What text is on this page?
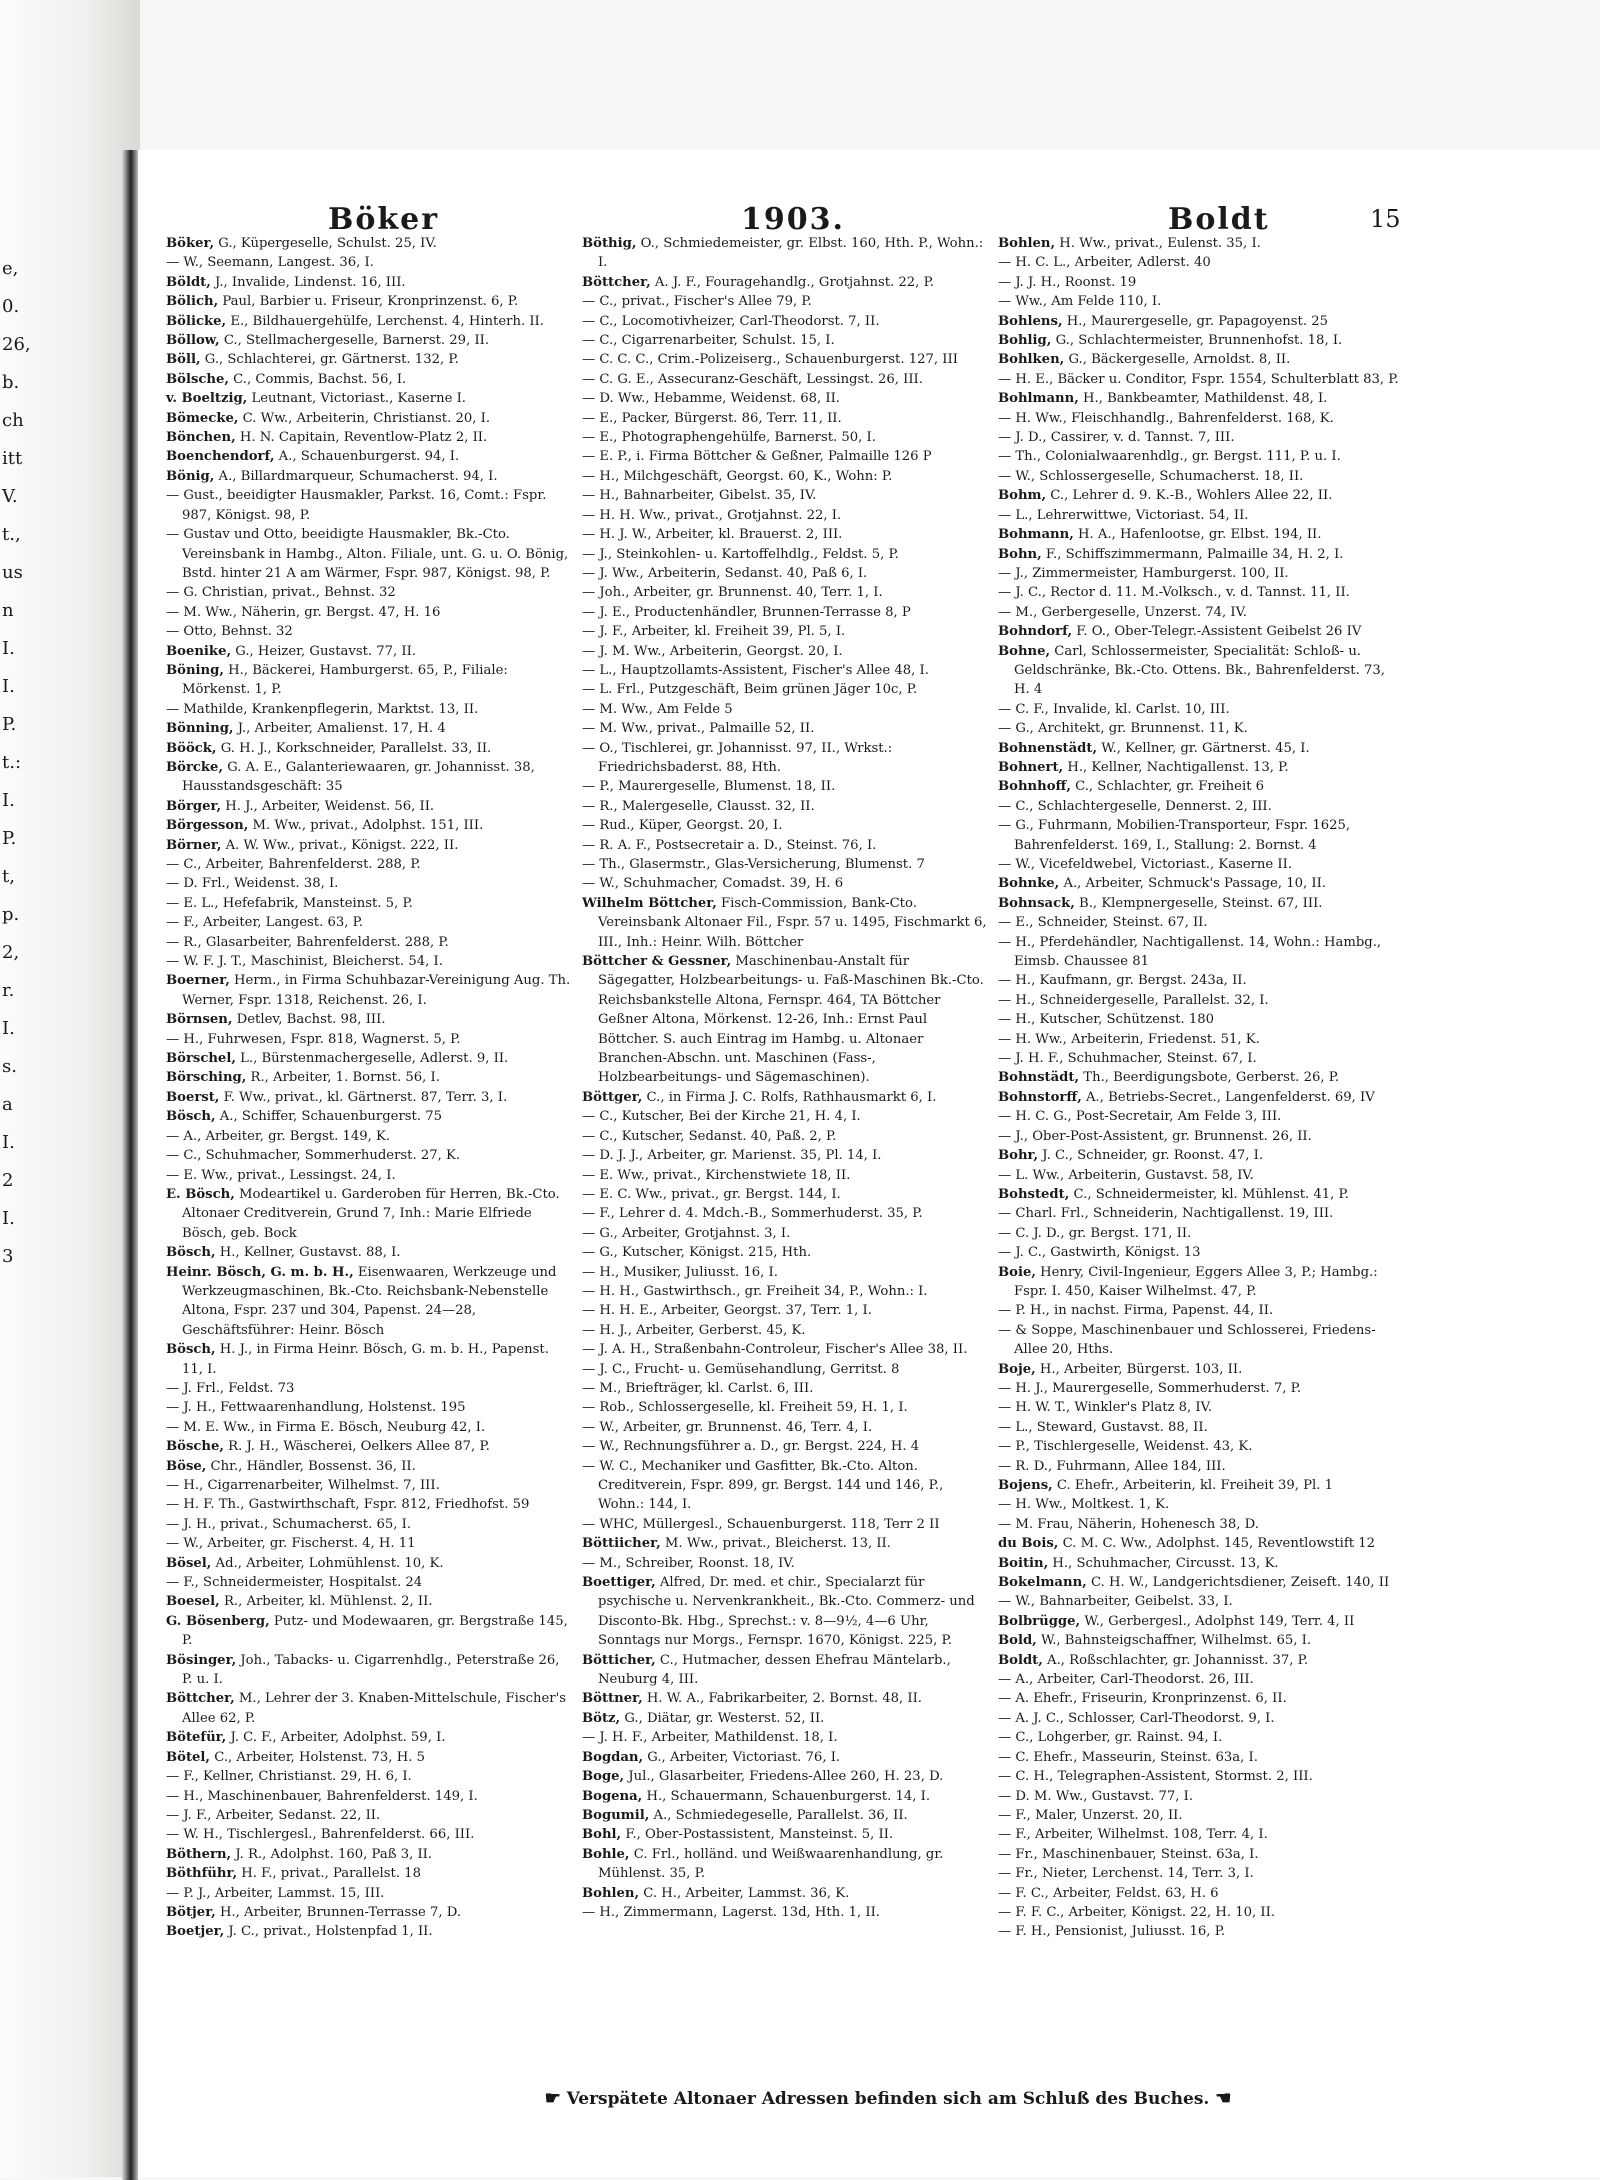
e,
0.
26,
b.
ch
itt
V.
t.,
us
n
I.
I.
P.
t.:
I.
P.
t,
p.
2,
r.
I.
s.
a
I.
2
I.
3
Böker	1903.	Boldt	15

Böker, G., Küpergeselle, Schulst. 25, IV.

— W., Seemann, Langest. 36, I.

Böldt, J., Invalide, Lindenst. 16, III.

Bölich, Paul, Barbier u. Friseur, Kronprinzenst. 6, P.

Bölicke, E., Bildhauergehülfe, Lerchenst. 4, Hinterh. II.

Böllow, C., Stellmachergeselle, Barnerst. 29, II.

Böll, G., Schlachterei, gr. Gärtnerst. 132, P.

Bölsche, C., Commis, Bachst. 56, I.

v. Boeltzig, Leutnant, Victoriast., Kaserne I.

Bömecke, C. Ww., Arbeiterin, Christianst. 20, I.

Bönchen, H. N. Capitain, Reventlow-Platz 2, II.

Boenchendorf, A., Schauenburgerst. 94, I.

Bönig, A., Billardmarqueur, Schumacherst. 94, I.

— Gust., beeidigter Hausmakler, Parkst. 16, Comt.: Fspr. 987, Königst. 98, P.

— Gustav und Otto, beeidigte Hausmakler, Bk.-Cto. Vereinsbank in Hambg., Alton. Filiale, unt. G. u. O. Bönig, Bstd. hinter 21 A am Wärmer, Fspr. 987, Königst. 98, P.

— G. Christian, privat., Behnst. 32

— M. Ww., Näherin, gr. Bergst. 47, H. 16

— Otto, Behnst. 32

Boenike, G., Heizer, Gustavst. 77, II.

Böning, H., Bäckerei, Hamburgerst. 65, P., Filiale: Mörkenst. 1, P.

— Mathilde, Krankenpflegerin, Marktst. 13, II.

Bönning, J., Arbeiter, Amalienst. 17, H. 4

Bööck, G. H. J., Korkschneider, Parallelst. 33, II.

Börcke, G. A. E., Galanteriewaaren, gr. Johannisst. 38, Hausstandsgeschäft: 35

Börger, H. J., Arbeiter, Weidenst. 56, II.

Börgesson, M. Ww., privat., Adolphst. 151, III.

Börner, A. W. Ww., privat., Königst. 222, II.

— C., Arbeiter, Bahrenfelderst. 288, P.

— D. Frl., Weidenst. 38, I.

— E. L., Hefefabrik, Mansteinst. 5, P.

— F., Arbeiter, Langest. 63, P.

— R., Glasarbeiter, Bahrenfelderst. 288, P.

— W. F. J. T., Maschinist, Bleicherst. 54, I.

Boerner, Herm., in Firma Schuhbazar-Vereinigung Aug. Th. Werner, Fspr. 1318, Reichenst. 26, I.

Börnsen, Detlev, Bachst. 98, III.

— H., Fuhrwesen, Fspr. 818, Wagnerst. 5, P.

Börschel, L., Bürstenmachergeselle, Adlerst. 9, II.

Börsching, R., Arbeiter, 1. Bornst. 56, I.

Boerst, F. Ww., privat., kl. Gärtnerst. 87, Terr. 3, I.

Bösch, A., Schiffer, Schauenburgerst. 75

— A., Arbeiter, gr. Bergst. 149, K.

— C., Schuhmacher, Sommerhuderst. 27, K.

— E. Ww., privat., Lessingst. 24, I.

E. Bösch, Modeartikel u. Garderoben für Herren, Bk.-Cto. Altonaer Creditverein, Grund 7, Inh.: Marie Elfriede Bösch, geb. Bock

Bösch, H., Kellner, Gustavst. 88, I.

Heinr. Bösch, G. m. b. H., Eisenwaaren, Werkzeuge und Werkzeugmaschinen, Bk.-Cto. Reichsbank-Nebenstelle Altona, Fspr. 237 und 304, Papenst. 24—28, Geschäftsführer: Heinr. Bösch

Bösch, H. J., in Firma Heinr. Bösch, G. m. b. H., Papenst. 11, I.

— J. Frl., Feldst. 73

— J. H., Fettwaarenhandlung, Holstenst. 195

— M. E. Ww., in Firma E. Bösch, Neuburg 42, I.

Bösche, R. J. H., Wäscherei, Oelkers Allee 87, P.

Böse, Chr., Händler, Bossenst. 36, II.

— H., Cigarrenarbeiter, Wilhelmst. 7, III.

— H. F. Th., Gastwirthschaft, Fspr. 812, Friedhofst. 59

— J. H., privat., Schumacherst. 65, I.

— W., Arbeiter, gr. Fischerst. 4, H. 11

Bösel, Ad., Arbeiter, Lohmühlenst. 10, K.

— F., Schneidermeister, Hospitalst. 24

Boesel, R., Arbeiter, kl. Mühlenst. 2, II.

G. Bösenberg, Putz- und Modewaaren, gr. Bergstraße 145, P.

Bösinger, Joh., Tabacks- u. Cigarrenhdlg., Peterstraße 26, P. u. I.

Böttcher, M., Lehrer der 3. Knaben-Mittelschule, Fischer's Allee 62, P.

Bötefür, J. C. F., Arbeiter, Adolphst. 59, I.

Bötel, C., Arbeiter, Holstenst. 73, H. 5

— F., Kellner, Christianst. 29, H. 6, I.

— H., Maschinenbauer, Bahrenfelderst. 149, I.

— J. F., Arbeiter, Sedanst. 22, II.

— W. H., Tischlergesl., Bahrenfelderst. 66, III.

Böthern, J. R., Adolphst. 160, Paß 3, II.

Böthführ, H. F., privat., Parallelst. 18

— P. J., Arbeiter, Lammst. 15, III.

Bötjer, H., Arbeiter, Brunnen-Terrasse 7, D.

Boetjer, J. C., privat., Holstenpfad 1, II.

Böthig, O., Schmiedemeister, gr. Elbst. 160, Hth. P., Wohn.: I.

Böttcher, A. J. F., Fouragehandlg., Grotjahnst. 22, P.

— C., privat., Fischer's Allee 79, P.

— C., Locomotivheizer, Carl-Theodorst. 7, II.

— C., Cigarrenarbeiter, Schulst. 15, I.

— C. C. C., Crim.-Polizeiserg., Schauenburgerst. 127, III

— C. G. E., Assecuranz-Geschäft, Lessingst. 26, III.

— D. Ww., Hebamme, Weidenst. 68, II.

— E., Packer, Bürgerst. 86, Terr. 11, II.

— E., Photographengehülfe, Barnerst. 50, I.

— E. P., i. Firma Böttcher & Geßner, Palmaille 126 P

— H., Milchgeschäft, Georgst. 60, K., Wohn: P.

— H., Bahnarbeiter, Gibelst. 35, IV.

— H. H. Ww., privat., Grotjahnst. 22, I.

— H. J. W., Arbeiter, kl. Brauerst. 2, III.

— J., Steinkohlen- u. Kartoffelhdlg., Feldst. 5, P.

— J. Ww., Arbeiterin, Sedanst. 40, Paß 6, I.

— Joh., Arbeiter, gr. Brunnenst. 40, Terr. 1, I.

— J. E., Productenhändler, Brunnen-Terrasse 8, P

— J. F., Arbeiter, kl. Freiheit 39, Pl. 5, I.

— J. M. Ww., Arbeiterin, Georgst. 20, I.

— L., Hauptzollamts-Assistent, Fischer's Allee 48, I.

— L. Frl., Putzgeschäft, Beim grünen Jäger 10c, P.

— M. Ww., Am Felde 5

— M. Ww., privat., Palmaille 52, II.

— O., Tischlerei, gr. Johannisst. 97, II., Wrkst.: Friedrichsbaderst. 88, Hth.

— P., Maurergeselle, Blumenst. 18, II.

— R., Malergeselle, Clausst. 32, II.

— Rud., Küper, Georgst. 20, I.

— R. A. F., Postsecretair a. D., Steinst. 76, I.

— Th., Glasermstr., Glas-Versicherung, Blumenst. 7

— W., Schuhmacher, Comadst. 39, H. 6

Wilhelm Böttcher, Fisch-Commission, Bank-Cto. Vereinsbank Altonaer Fil., Fspr. 57 u. 1495, Fischmarkt 6, III., Inh.: Heinr. Wilh. Böttcher

Böttcher & Gessner, Maschinenbau-Anstalt für Sägegatter, Holzbearbeitungs- u. Faß-Maschinen Bk.-Cto. Reichsbankstelle Altona, Fernspr. 464, TA Böttcher Geßner Altona, Mörkenst. 12-26, Inh.: Ernst Paul Böttcher. S. auch Eintrag im Hambg. u. Altonaer Branchen-Abschn. unt. Maschinen (Fass-, Holzbearbeitungs- und Sägemaschinen).

Böttger, C., in Firma J. C. Rolfs, Rathhausmarkt 6, I.

— C., Kutscher, Bei der Kirche 21, H. 4, I.

— C., Kutscher, Sedanst. 40, Paß. 2, P.

— D. J. J., Arbeiter, gr. Marienst. 35, Pl. 14, I.

— E. Ww., privat., Kirchenstwiete 18, II.

— E. C. Ww., privat., gr. Bergst. 144, I.

— F., Lehrer d. 4. Mdch.-B., Sommerhuderst. 35, P.

— G., Arbeiter, Grotjahnst. 3, I.

— G., Kutscher, Königst. 215, Hth.

— H., Musiker, Juliusst. 16, I.

— H. H., Gastwirthsch., gr. Freiheit 34, P., Wohn.: I.

— H. H. E., Arbeiter, Georgst. 37, Terr. 1, I.

— H. J., Arbeiter, Gerberst. 45, K.

— J. A. H., Straßenbahn-Controleur, Fischer's Allee 38, II.

— J. C., Frucht- u. Gemüsehandlung, Gerritst. 8

— M., Briefträger, kl. Carlst. 6, III.

— Rob., Schlossergeselle, kl. Freiheit 59, H. 1, I.

— W., Arbeiter, gr. Brunnenst. 46, Terr. 4, I.

— W., Rechnungsführer a. D., gr. Bergst. 224, H. 4

— W. C., Mechaniker und Gasfitter, Bk.-Cto. Alton. Creditverein, Fspr. 899, gr. Bergst. 144 und 146, P., Wohn.: 144, I.

— WHC, Müllergesl., Schauenburgerst. 118, Terr 2 II

Böttiicher, M. Ww., privat., Bleicherst. 13, II.

— M., Schreiber, Roonst. 18, IV.

Boettiger, Alfred, Dr. med. et chir., Specialarzt für psychische u. Nervenkrankheit., Bk.-Cto. Commerz- und Disconto-Bk. Hbg., Sprechst.: v. 8—9½, 4—6 Uhr, Sonntags nur Morgs., Fernspr. 1670, Königst. 225, P.

Bötticher, C., Hutmacher, dessen Ehefrau Mäntelarb., Neuburg 4, III.

Böttner, H. W. A., Fabrikarbeiter, 2. Bornst. 48, II.

Bötz, G., Diätar, gr. Westerst. 52, II.

— J. H. F., Arbeiter, Mathildenst. 18, I.

Bogdan, G., Arbeiter, Victoriast. 76, I.

Boge, Jul., Glasarbeiter, Friedens-Allee 260, H. 23, D.

Bogena, H., Schauermann, Schauenburgerst. 14, I.

Bogumil, A., Schmiedegeselle, Parallelst. 36, II.

Bohl, F., Ober-Postassistent, Mansteinst. 5, II.

Bohle, C. Frl., holländ. und Weißwaarenhandlung, gr. Mühlenst. 35, P.

Bohlen, C. H., Arbeiter, Lammst. 36, K.

— H., Zimmermann, Lagerst. 13d, Hth. 1, II.

Bohlen, H. Ww., privat., Eulenst. 35, I.

— H. C. L., Arbeiter, Adlerst. 40

— J. J. H., Roonst. 19

— Ww., Am Felde 110, I.

Bohlens, H., Maurergeselle, gr. Papagoyenst. 25

Bohlig, G., Schlachtermeister, Brunnenhofst. 18, I.

Bohlken, G., Bäckergeselle, Arnoldst. 8, II.

— H. E., Bäcker u. Conditor, Fspr. 1554, Schulterblatt 83, P.

Bohlmann, H., Bankbeamter, Mathildenst. 48, I.

— H. Ww., Fleischhandlg., Bahrenfelderst. 168, K.

— J. D., Cassirer, v. d. Tannst. 7, III.

— Th., Colonialwaarenhdlg., gr. Bergst. 111, P. u. I.

— W., Schlossergeselle, Schumacherst. 18, II.

Bohm, C., Lehrer d. 9. K.-B., Wohlers Allee 22, II.

— L., Lehrerwittwe, Victoriast. 54, II.

Bohmann, H. A., Hafenlootse, gr. Elbst. 194, II.

Bohn, F., Schiffszimmermann, Palmaille 34, H. 2, I.

— J., Zimmermeister, Hamburgerst. 100, II.

— J. C., Rector d. 11. M.-Volksch., v. d. Tannst. 11, II.

— M., Gerbergeselle, Unzerst. 74, IV.

Bohndorf, F. O., Ober-Telegr.-Assistent Geibelst 26 IV

Bohne, Carl, Schlossermeister, Specialität: Schloß- u. Geldschränke, Bk.-Cto. Ottens. Bk., Bahrenfelderst. 73, H. 4

— C. F., Invalide, kl. Carlst. 10, III.

— G., Architekt, gr. Brunnenst. 11, K.

Bohnenstädt, W., Kellner, gr. Gärtnerst. 45, I.

Bohnert, H., Kellner, Nachtigallenst. 13, P.

Bohnhoff, C., Schlachter, gr. Freiheit 6

— C., Schlachtergeselle, Dennerst. 2, III.

— G., Fuhrmann, Mobilien-Transporteur, Fspr. 1625, Bahrenfelderst. 169, I., Stallung: 2. Bornst. 4

— W., Vicefeldwebel, Victoriast., Kaserne II.

Bohnke, A., Arbeiter, Schmuck's Passage, 10, II.

Bohnsack, B., Klempnergeselle, Steinst. 67, III.

— E., Schneider, Steinst. 67, II.

— H., Pferdehändler, Nachtigallenst. 14, Wohn.: Hambg., Eimsb. Chaussee 81

— H., Kaufmann, gr. Bergst. 243a, II.

— H., Schneidergeselle, Parallelst. 32, I.

— H., Kutscher, Schützenst. 180

— H. Ww., Arbeiterin, Friedenst. 51, K.

— J. H. F., Schuhmacher, Steinst. 67, I.

Bohnstädt, Th., Beerdigungsbote, Gerberst. 26, P.

Bohnstorff, A., Betriebs-Secret., Langenfelderst. 69, IV

— H. C. G., Post-Secretair, Am Felde 3, III.

— J., Ober-Post-Assistent, gr. Brunnenst. 26, II.

Bohr, J. C., Schneider, gr. Roonst. 47, I.

— L. Ww., Arbeiterin, Gustavst. 58, IV.

Bohstedt, C., Schneidermeister, kl. Mühlenst. 41, P.

— Charl. Frl., Schneiderin, Nachtigallenst. 19, III.

— C. J. D., gr. Bergst. 171, II.

— J. C., Gastwirth, Königst. 13

Boie, Henry, Civil-Ingenieur, Eggers Allee 3, P.; Hambg.: Fspr. I. 450, Kaiser Wilhelmst. 47, P.

— P. H., in nachst. Firma, Papenst. 44, II.

— & Soppe, Maschinenbauer und Schlosserei, Friedens-Allee 20, Hths.

Boje, H., Arbeiter, Bürgerst. 103, II.

— H. J., Maurergeselle, Sommerhuderst. 7, P.

— H. W. T., Winkler's Platz 8, IV.

— L., Steward, Gustavst. 88, II.

— P., Tischlergeselle, Weidenst. 43, K.

— R. D., Fuhrmann, Allee 184, III.

Bojens, C. Ehefr., Arbeiterin, kl. Freiheit 39, Pl. 1

— H. Ww., Moltkest. 1, K.

— M. Frau, Näherin, Hohenesch 38, D.

du Bois, C. M. C. Ww., Adolphst. 145, Reventlowstift 12

Boitin, H., Schuhmacher, Circusst. 13, K.

Bokelmann, C. H. W., Landgerichtsdiener, Zeiseft. 140, II

— W., Bahnarbeiter, Geibelst. 33, I.

Bolbrügge, W., Gerbergesl., Adolphst 149, Terr. 4, II

Bold, W., Bahnsteigschaffner, Wilhelmst. 65, I.

Boldt, A., Roßschlachter, gr. Johannisst. 37, P.

— A., Arbeiter, Carl-Theodorst. 26, III.

— A. Ehefr., Friseurin, Kronprinzenst. 6, II.

— A. J. C., Schlosser, Carl-Theodorst. 9, I.

— C., Lohgerber, gr. Rainst. 94, I.

— C. Ehefr., Masseurin, Steinst. 63a, I.

— C. H., Telegraphen-Assistent, Stormst. 2, III.

— D. M. Ww., Gustavst. 77, I.

— F., Maler, Unzerst. 20, II.

— F., Arbeiter, Wilhelmst. 108, Terr. 4, I.

— Fr., Maschinenbauer, Steinst. 63a, I.

— Fr., Nieter, Lerchenst. 14, Terr. 3, I.

— F. C., Arbeiter, Feldst. 63, H. 6

— F. F. C., Arbeiter, Königst. 22, H. 10, II.

— F. H., Pensionist, Juliusst. 16, P.

☛ Verspätete Altonaer Adressen befinden sich am Schluß des Buches. ☚
